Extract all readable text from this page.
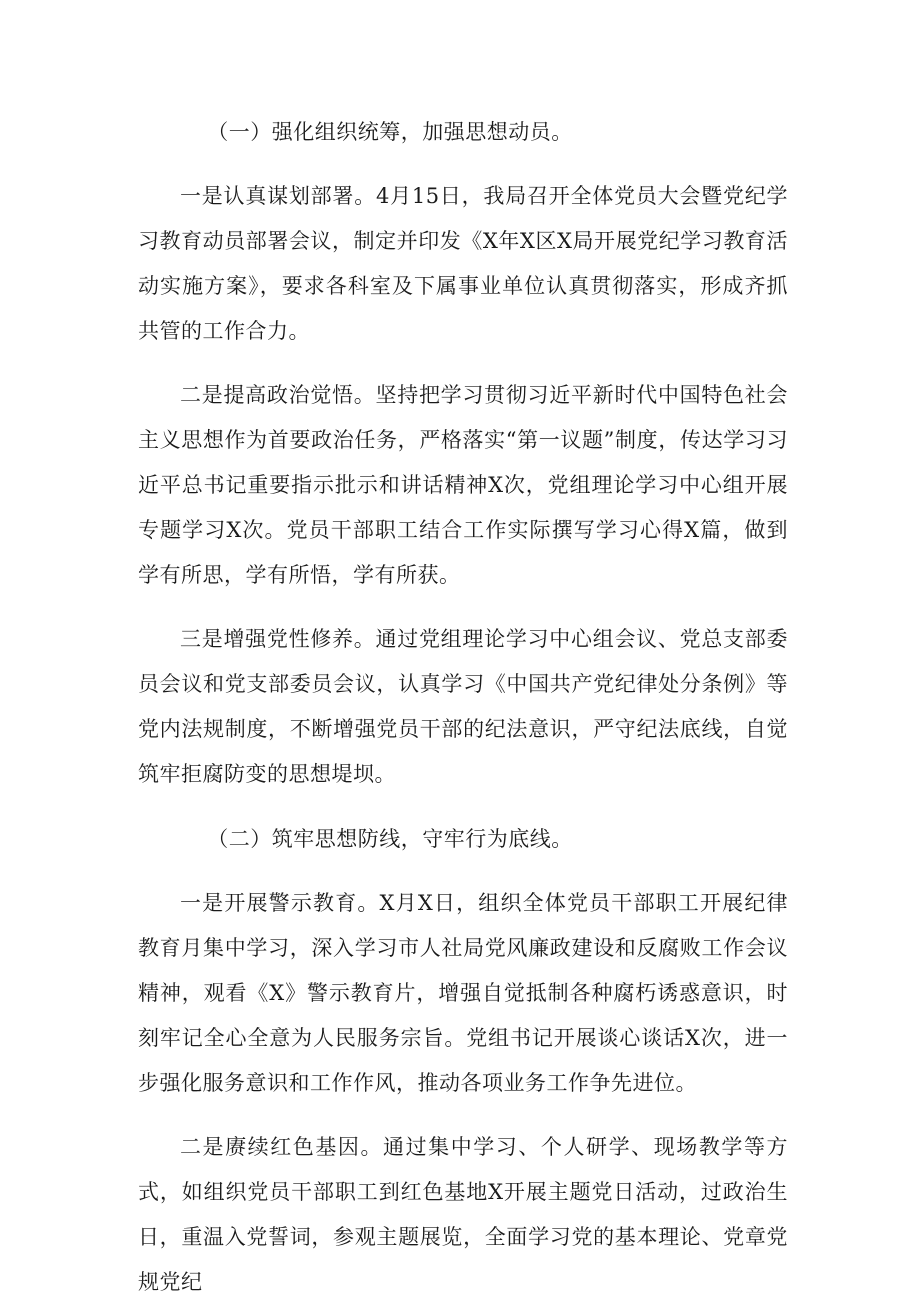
（一）强化组织统筹，加强思想动员。

一是认真谋划部署。4月15日，我局召开全体党员大会暨党纪学习教育动员部署会议，制定并印发《X年X区X局开展党纪学习教育活动实施方案》，要求各科室及下属事业单位认真贯彻落实，形成齐抓共管的工作合力。

二是提高政治觉悟。坚持把学习贯彻习近平新时代中国特色社会主义思想作为首要政治任务，严格落实“第一议题”制度，传达学习习近平总书记重要指示批示和讲话精神X次，党组理论学习中心组开展专题学习X次。党员干部职工结合工作实际撰写学习心得X篇，做到学有所思，学有所悟，学有所获。

三是增强党性修养。通过党组理论学习中心组会议、党总支部委员会议和党支部委员会议，认真学习《中国共产党纪律处分条例》等党内法规制度，不断增强党员干部的纪法意识，严守纪法底线，自觉筑牢拒腐防变的思想堤坝。

（二）筑牢思想防线，守牢行为底线。

一是开展警示教育。X月X日，组织全体党员干部职工开展纪律教育月集中学习，深入学习市人社局党风廉政建设和反腐败工作会议精神，观看《X》警示教育片，增强自觉抵制各种腐朽诱惑意识，时刻牢记全心全意为人民服务宗旨。党组书记开展谈心谈话X次，进一步强化服务意识和工作作风，推动各项业务工作争先进位。

二是赓续红色基因。通过集中学习、个人研学、现场教学等方式，如组织党员干部职工到红色基地X开展主题党日活动，过政治生日，重温入党誓词，参观主题展览，全面学习党的基本理论、党章党规党纪
